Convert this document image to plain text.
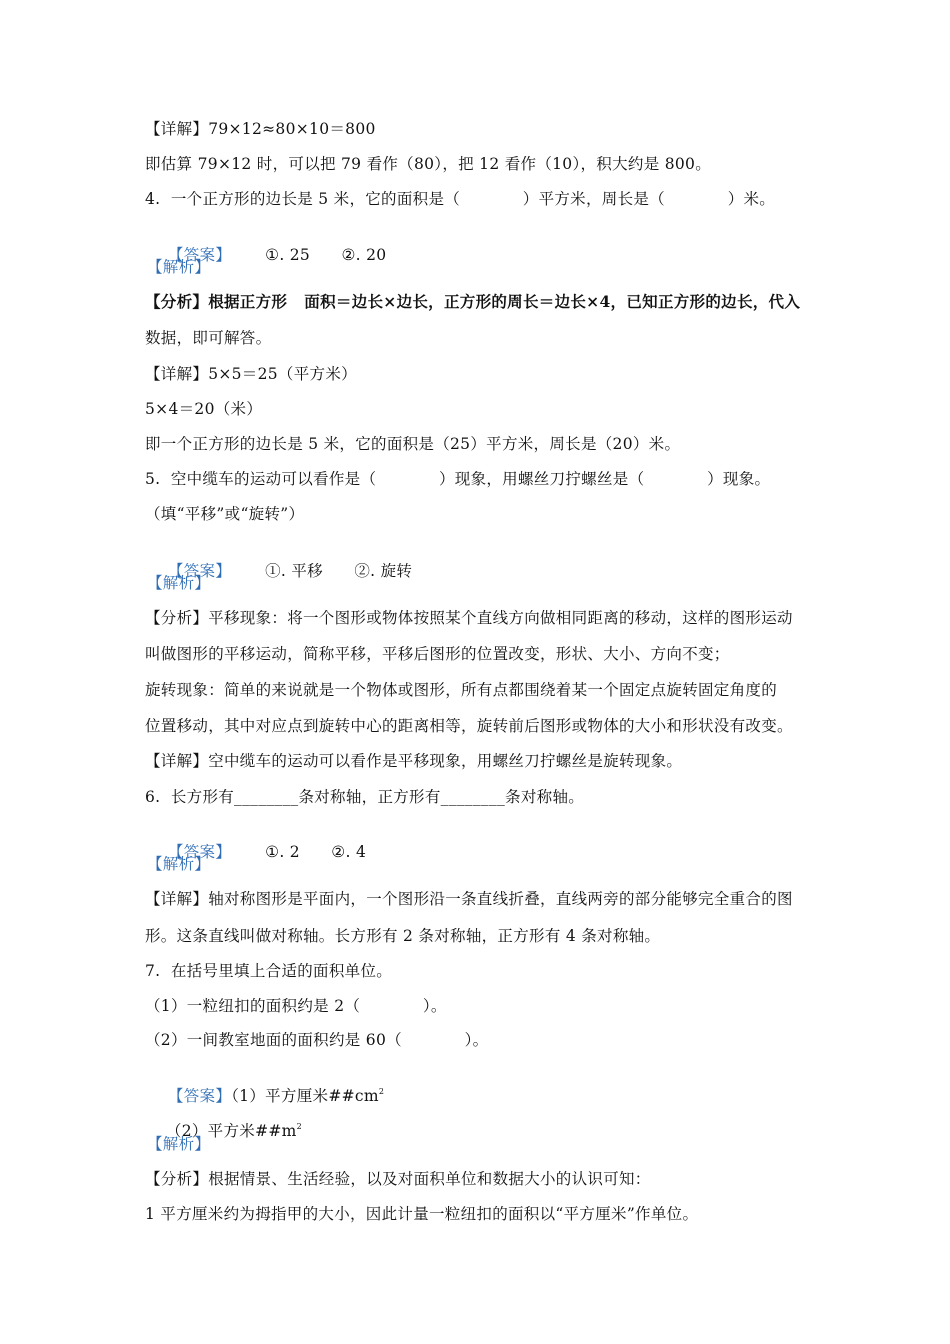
【详解】79×12≈80×10＝800
即估算 79×12 时，可以把 79 看作（80），把 12 看作（10），积大约是 800。
4.  一个正方形的边长是 5 米，它的面积是（            ）平方米，周长是（            ）米。

【答案】 ①. 25      ②. 20

【解析】
【分析】根据正方形   面积＝边长×边长，正方形的周长＝边长×4，已知正方形的边长，代入
数据，即可解答。
【详解】5×5＝25（平方米）
5×4＝20（米）
即一个正方形的边长是 5 米，它的面积是（25）平方米，周长是（20）米。
5.  空中缆车的运动可以看作是（            ）现象，用螺丝刀拧螺丝是（            ）现象。
（填“平移”或“旋转”）

【答案】 ①. 平移      ②. 旋转

【解析】
【分析】平移现象：将一个图形或物体按照某个直线方向做相同距离的移动，这样的图形运动
叫做图形的平移运动，简称平移，平移后图形的位置改变，形状、大小、方向不变；
旋转现象：简单的来说就是一个物体或图形，所有点都围绕着某一个固定点旋转固定角度的
位置移动，其中对应点到旋转中心的距离相等，旋转前后图形或物体的大小和形状没有改变。
【详解】空中缆车的运动可以看作是平移现象，用螺丝刀拧螺丝是旋转现象。
6.  长方形有________条对称轴，正方形有________条对称轴。

【答案】 ①. 2      ②. 4

【解析】
【详解】轴对称图形是平面内，一个图形沿一条直线折叠，直线两旁的部分能够完全重合的图
形。这条直线叫做对称轴。长方形有 2 条对称轴，正方形有 4 条对称轴。
7.  在括号里填上合适的面积单位。
（1）一粒纽扣的面积约是 2（            ）。
（2）一间教室地面的面积约是 60（            ）。

【答案】（1）平方厘米$\#\#cm^2$

（2）平方米$\#\#m^2$

【解析】
【分析】根据情景、生活经验，以及对面积单位和数据大小的认识可知：
1 平方厘米约为拇指甲的大小，因此计量一粒纽扣的面积以“平方厘米”作单位。
